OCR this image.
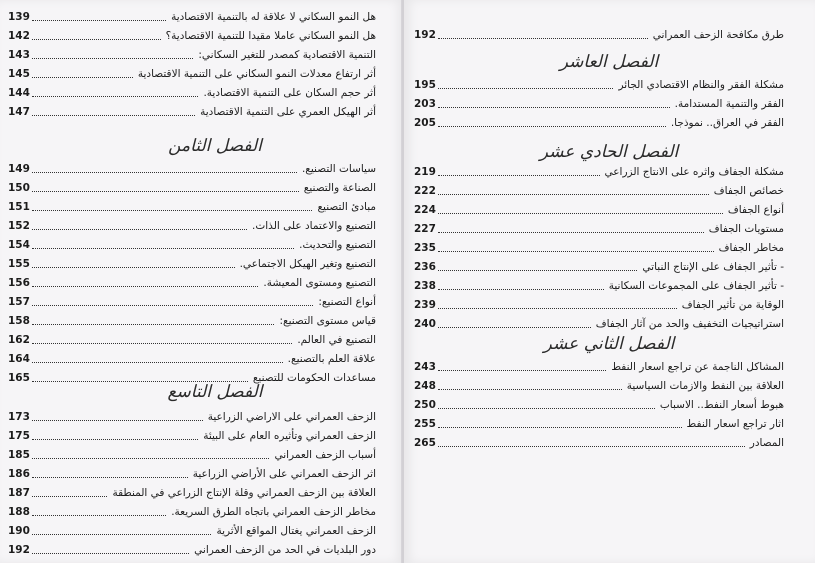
هل النمو السكاني لا علاقة له بالتنمية الاقتصادية
139
هل النمو السكاني عاملا مقيدا للتنمية الاقتصادية؟
142
التنمية الاقتصادية كمصدر للتغير السكاني:
143
أثر ارتفاع معدلات النمو السكاني على التنمية الاقتصادية
145
أثر حجم السكان على التنمية الاقتصادية.
144
أثر الهيكل العمري على التنمية الاقتصادية
147
الفصل الثامن
سياسات التصنيع.
149
الصناعة والتصنيع
150
مبادئ التصنيع
151
التصنيع والاعتماد على الذات.
152
التصنيع والتحديث.
154
التصنيع وتغير الهيكل الاجتماعي.
155
التصنيع ومستوى المعيشة.
156
أنواع التصنيع:
157
قياس مستوى التصنيع:
158
التصنيع في العالم.
162
علاقة العلم بالتصنيع.
164
مساعدات الحكومات للتصنيع
165
الفصل التاسع
الزحف العمراني على الاراضي الزراعية
173
الزحف العمراني وتأثيره العام على البيئة
175
أسباب الزحف العمراني
185
اثر الزحف العمراني على الأراضي الزراعية
186
العلاقة بين الزحف العمراني وقلة الإنتاج الزراعي في المنطقة
187
مخاطر الزحف العمراني باتجاه الطرق السريعة.
188
الزحف العمراني يغتال المواقع الأثرية
190
دور البلديات في الحد من الزحف العمراني
192
طرق مكافحة الزحف العمراني
192
الفصل العاشر
مشكلة الفقر والنظام الاقتصادي الجائر
195
الفقر والتنمية المستدامة.
203
الفقر في العراق.. نموذجا.
205
الفصل الحادي عشر
مشكلة الجفاف واثره على الانتاج الزراعي
219
خصائص الجفاف
222
أنواع الجفاف
224
مستويات الجفاف
227
مخاطر الجفاف
235
- تأثير الجفاف على الإنتاج النباتي
236
- تأثير الجفاف على المجموعات السكانية
238
الوقاية من تأثير الجفاف
239
استراتيجيات التخفيف والحد من آثار الجفاف
240
الفصل الثاني عشر
المشاكل الناجمة عن تراجع اسعار النفط
243
العلاقة بين النفط والازمات السياسية
248
هبوط أسعار النفط.. الاسباب
250
اثار تراجع اسعار النفط
255
المصادر
265
